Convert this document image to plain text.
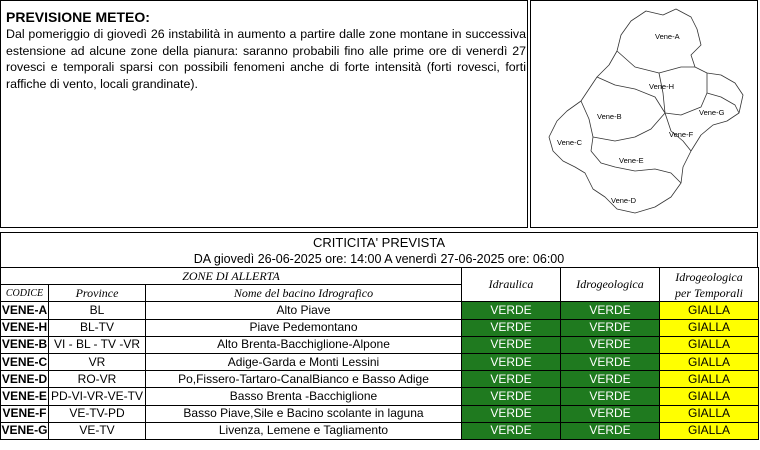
PREVISIONE METEO:
Dal pomeriggio di giovedì 26 instabilità in aumento a partire dalle zone montane in successiva estensione ad alcune zone della pianura: saranno probabili fino alle prime ore di venerdì 27 rovesci e temporali sparsi con possibili fenomeni anche di forte intensità (forti rovesci, forti raffiche di vento, locali grandinate).
Vene-A
Vene-H
Vene-G
Vene-B
Vene-F
Vene-C
Vene-E
Vene-D
CRITICITA' PREVISTA
DA giovedì 26-06-2025 ore: 14:00 A venerdì 27-06-2025 ore: 06:00
ZONE DI ALLERTA			Idraulica	Idrogeologica	Idrogeologica
per Temporali
CODICE	Province	Nome del bacino Idrografico			
VENE-A	BL	Alto Piave	VERDE	VERDE	GIALLA
VENE-H	BL-TV	Piave Pedemontano	VERDE	VERDE	GIALLA
VENE-B	VI - BL - TV -VR	Alto Brenta-Bacchiglione-Alpone	VERDE	VERDE	GIALLA
VENE-C	VR	Adige-Garda e Monti Lessini	VERDE	VERDE	GIALLA
VENE-D	RO-VR	Po,Fissero-Tartaro-CanalBianco e Basso Adige	VERDE	VERDE	GIALLA
VENE-E	PD-VI-VR-VE-TV	Basso Brenta -Bacchiglione	VERDE	VERDE	GIALLA
VENE-F	VE-TV-PD	Basso Piave,Sile e Bacino scolante in laguna	VERDE	VERDE	GIALLA
VENE-G	VE-TV	Livenza, Lemene e Tagliamento	VERDE	VERDE	GIALLA
